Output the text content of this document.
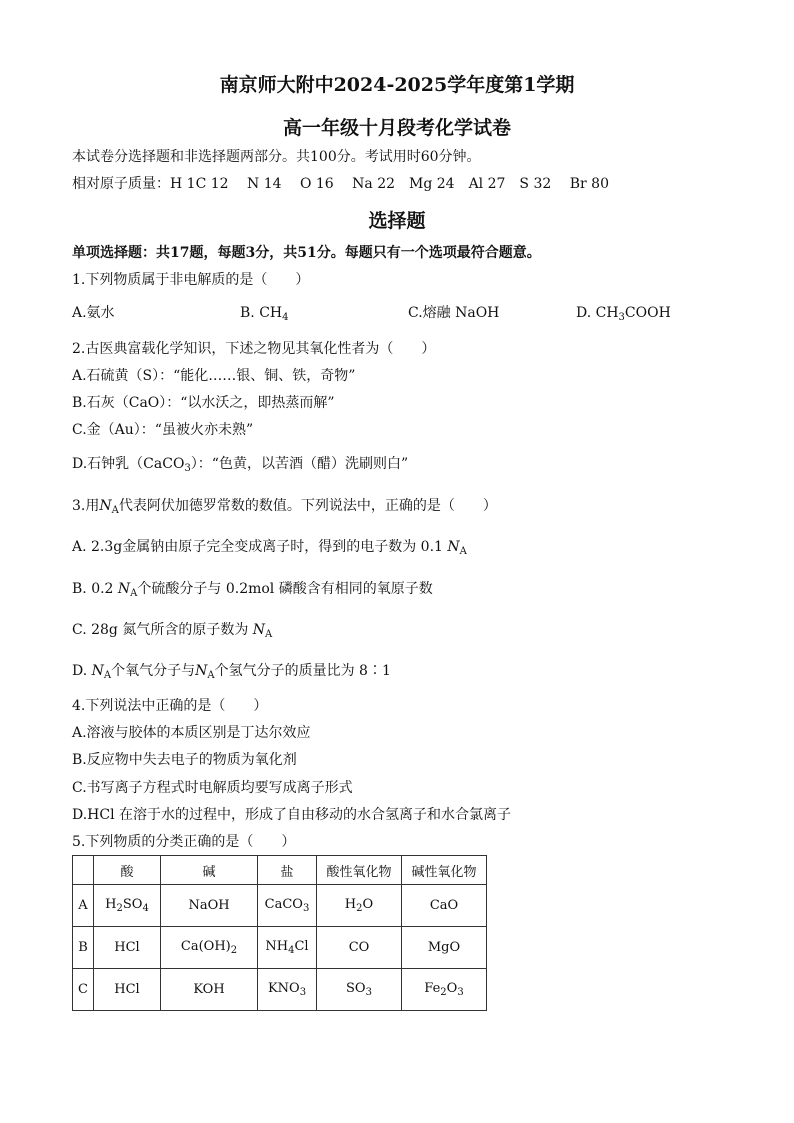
南京师大附中2024-2025学年度第1学期
高一年级十月段考化学试卷
本试卷分选择题和非选择题两部分。共100分。考试用时60分钟。
相对原子质量：H 1C 12　 N 14　 O 16　 Na 22　Mg 24　Al 27　S 32　 Br 80
选择题
单项选择题：共17题，每题3分，共51分。每题只有一个选项最符合题意。
1.下列物质属于非电解质的是（　　）
A.氨水	B. $CH_4$	C.熔融 NaOH	D. $CH_3COOH$
2.古医典富载化学知识，下述之物见其氧化性者为（　　）
A.石硫黄（S）：“能化……银、铜、铁，奇物”
B.石灰（CaO）：“以水沃之，即热蒸而解”
C.金（Au）：“虽被火亦未熟”
D.石钟乳（CaCO$_3$）：“色黄，以苦酒（醋）洗刷则白”
3.用$N_A$代表阿伏加德罗常数的数值。下列说法中，正确的是（　　）
A. 2.3g金属钠由原子完全变成离子时，得到的电子数为 0.1 $N_A$
B. 0.2 $N_A$个硫酸分子与 0.2mol 磷酸含有相同的氧原子数
C. 28g 氮气所含的原子数为 $N_A$
D. $N_A$个氧气分子与$N_A$个氢气分子的质量比为 8∶1
4.下列说法中正确的是（　　）
A.溶液与胶体的本质区别是丁达尔效应
B.反应物中失去电子的物质为氧化剂
C.书写离子方程式时电解质均要写成离子形式
D.HCl 在溶于水的过程中，形成了自由移动的水合氢离子和水合氯离子
5.下列物质的分类正确的是（　　）
	酸	碱	盐	酸性氧化物	碱性氧化物
A	$H_2SO_4$	NaOH	CaCO$_3$	$H_2O$	CaO
B	HCl	$Ca(OH)_2$	$NH_4Cl$	CO	MgO
C	HCl	KOH	$KNO_3$	$SO_3$	$Fe_2O_3$
